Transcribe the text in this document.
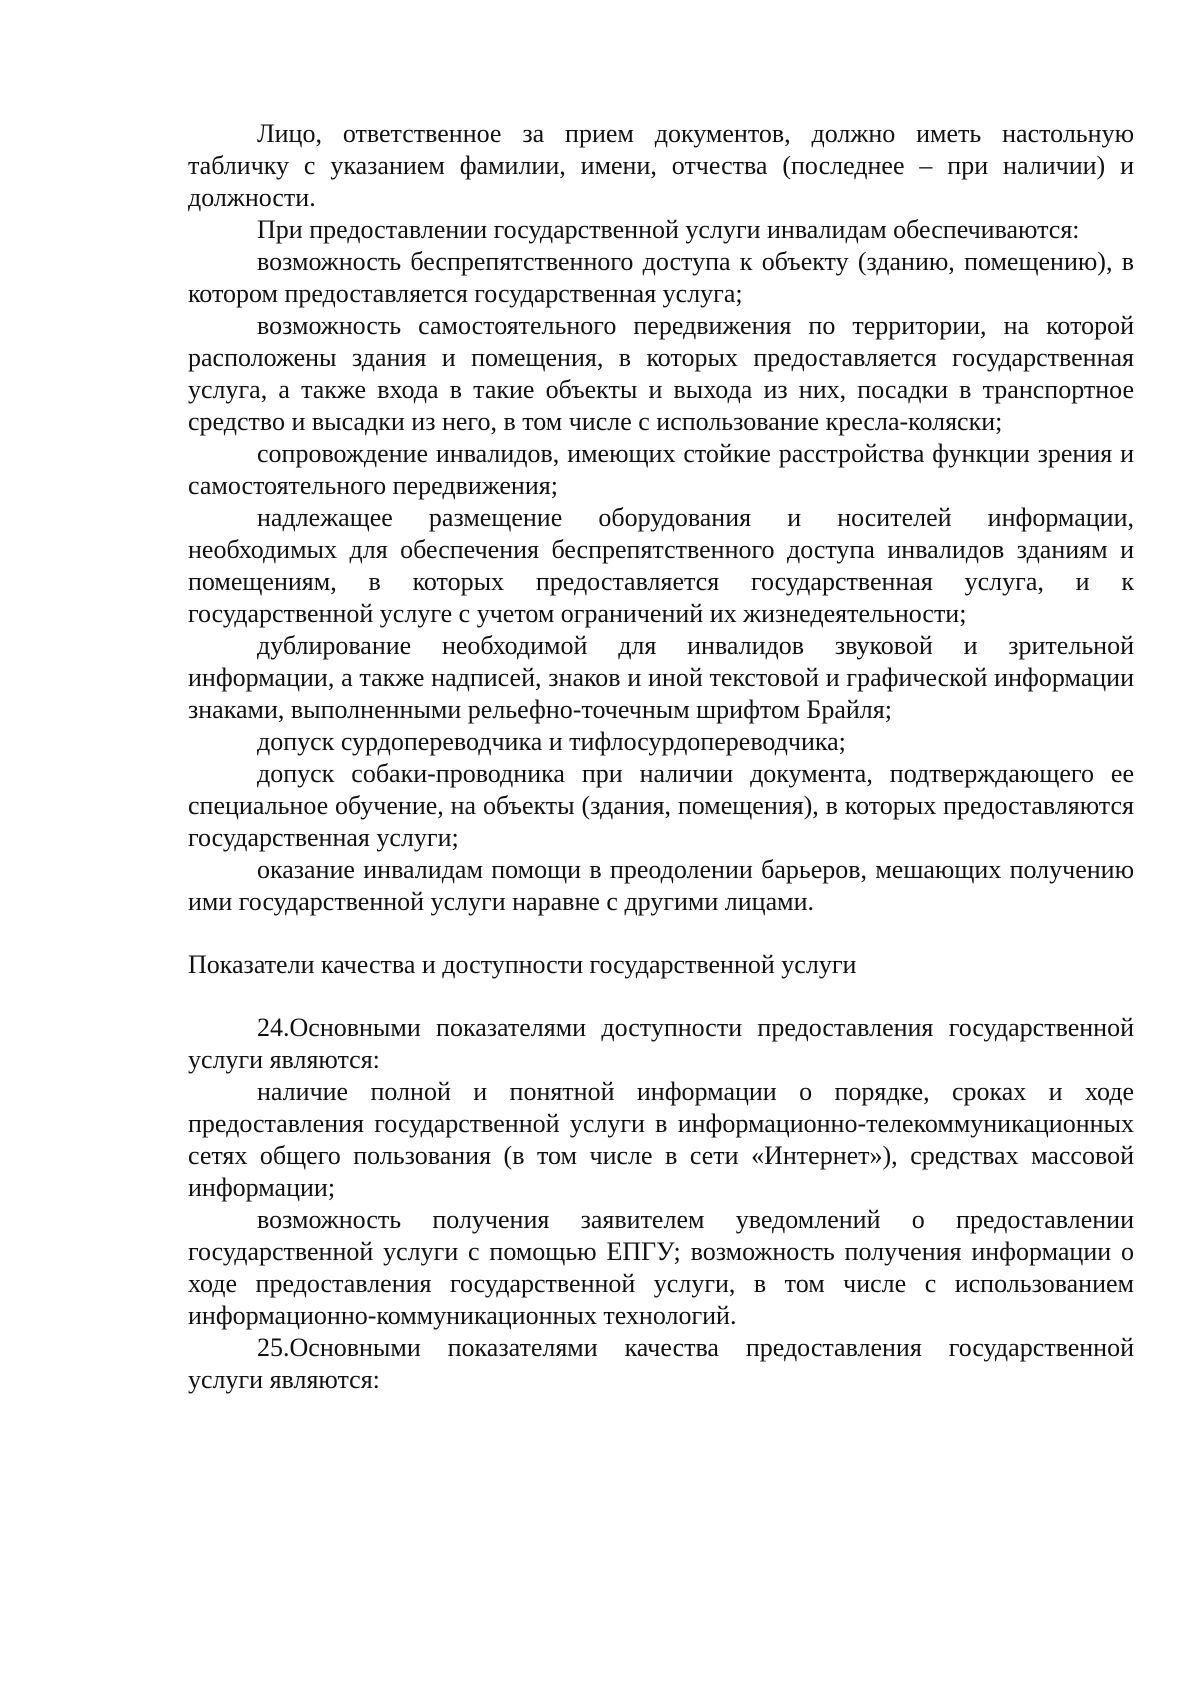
Лицо, ответственное за прием документов, должно иметь настольную табличку с указанием фамилии, имени, отчества (последнее – при наличии) и должности.

При предоставлении государственной услуги инвалидам обеспечиваются:

возможность беспрепятственного доступа к объекту (зданию, помещению), в котором предоставляется государственная услуга;

возможность самостоятельного передвижения по территории, на которой расположены здания и помещения, в которых предоставляется государственная услуга, а также входа в такие объекты и выхода из них, посадки в транспортное средство и высадки из него, в том числе с использование кресла-коляски;

сопровождение инвалидов, имеющих стойкие расстройства функции зрения и самостоятельного передвижения;

надлежащее размещение оборудования и носителей информации, необходимых для обеспечения беспрепятственного доступа инвалидов зданиям и помещениям, в которых предоставляется государственная услуга, и к государственной услуге с учетом ограничений их жизнедеятельности;

дублирование необходимой для инвалидов звуковой и зрительной информации, а также надписей, знаков и иной текстовой и графической информации знаками, выполненными рельефно-точечным шрифтом Брайля;

допуск сурдопереводчика и тифлосурдопереводчика;

допуск собаки-проводника при наличии документа, подтверждающего ее специальное обучение, на объекты (здания, помещения), в которых предоставляются государственная услуги;

оказание инвалидам помощи в преодолении барьеров, мешающих получению ими государственной услуги наравне с другими лицами.

Показатели качества и доступности государственной услуги

24.Основными показателями доступности предоставления государственной услуги являются:

наличие полной и понятной информации о порядке, сроках и ходе предоставления государственной услуги в информационно-телекоммуникационных сетях общего пользования (в том числе в сети «Интернет»), средствах массовой информации;

возможность получения заявителем уведомлений о предоставлении государственной услуги с помощью ЕПГУ; возможность получения информации о ходе предоставления государственной услуги, в том числе с использованием информационно-коммуникационных технологий.

25.Основными показателями качества предоставления государственной услуги являются:
